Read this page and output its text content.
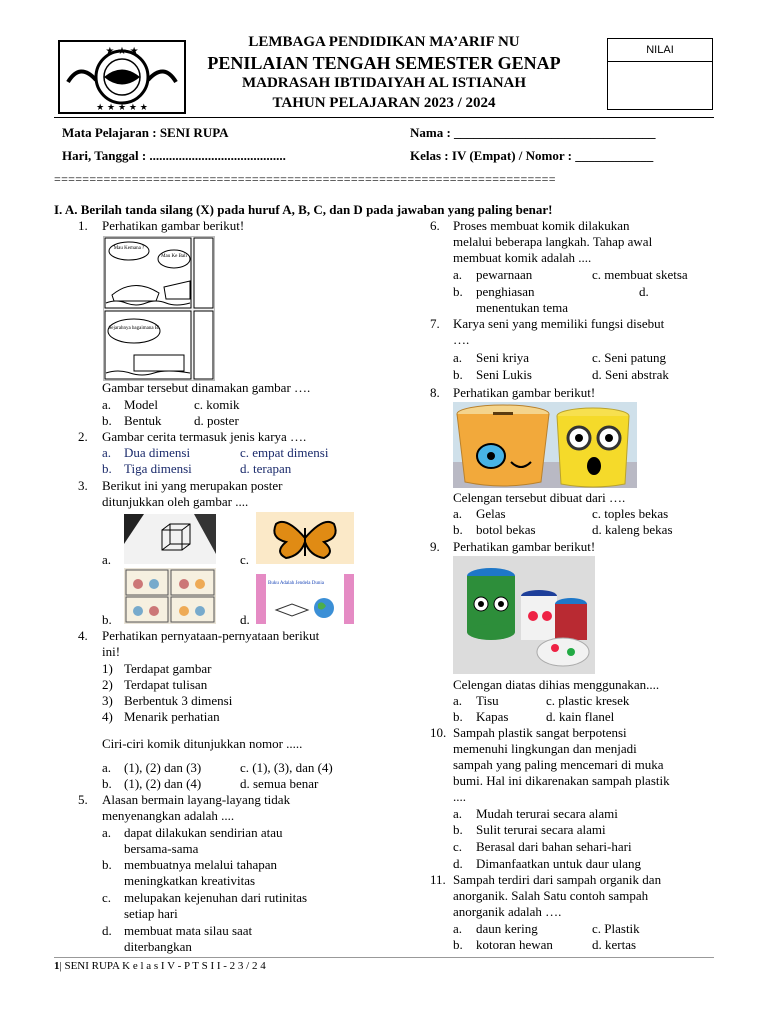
★ ★ ★
★ ★ ★ ★ ★
LEMBAGA PENDIDIKAN MA’ARIF NU
PENILAIAN TENGAH SEMESTER GENAP
MADRASAH IBTIDAIYAH AL ISTIANAH
TAHUN PELAJARAN 2023 / 2024
NILAI
Mata Pelajaran : SENI RUPA	Nama : _______________________________
Hari, Tanggal : ..........................................	Kelas : IV (Empat) / Nomor : ____________
=======================================================================
I. A. Berilah tanda silang (X) pada huruf A, B, C, dan D pada jawaban yang paling benar!
1. Perhatikan gambar berikut!
Mau Kemana ?
Mau Ke Bali
Sejarahnya bagaimana Bi
Gambar tersebut dinamakan gambar ….
a. Model	c. komik
b. Bentuk d. poster
2. Gambar cerita termasuk jenis karya ….
a. Dua dimensi	c. empat dimensi
b. Tiga dimensi	d. terapan
3. Berikut ini yang merupakan poster
ditunjukkan oleh gambar ....
a.	c.
b.	d.
Buku Adalah Jendela Dunia
4. Perhatikan pernyataan-pernyataan berikut
ini!
1) Terdapat gambar
2) Terdapat tulisan
3) Berbentuk 3 dimensi
4) Menarik perhatian
Ciri-ciri komik ditunjukkan nomor .....
a. (1), (2) dan (3)	c. (1), (3), dan (4)
b. (1), (2) dan (4)	d. semua benar
5. Alasan bermain layang-layang tidak
menyenangkan adalah ....
a. dapat dilakukan sendirian atau
bersama-sama
b. membuatnya melalui tahapan
meningkatkan kreativitas
c. melupakan kejenuhan dari rutinitas
setiap hari
d. membuat mata silau saat
diterbangkan
6. Proses membuat komik dilakukan
melalui beberapa langkah. Tahap awal
membuat komik adalah ....
a. pewarnaan	c. membuat sketsa
b. penghiasan	d.
menentukan tema
7. Karya seni yang memiliki fungsi disebut
….
a. Seni kriya	c. Seni patung
b. Seni Lukis	d. Seni abstrak
8. Perhatikan gambar berikut!
Celengan tersebut dibuat dari ….
a. Gelas	c. toples bekas
b. botol bekas	d. kaleng bekas
9. Perhatikan gambar berikut!
Celengan diatas dihias menggunakan....
a. Tisu	c. plastic kresek
b. Kapas	d. kain flanel
10. Sampah plastik sangat berpotensi
memenuhi lingkungan dan menjadi
sampah yang paling mencemari di muka
bumi. Hal ini dikarenakan sampah plastik
....
a. Mudah terurai secara alami
b. Sulit terurai secara alami
c. Berasal dari bahan sehari-hari
d. Dimanfaatkan untuk daur ulang
11. Sampah terdiri dari sampah organik dan
anorganik. Salah Satu contoh sampah
anorganik adalah ….
a. daun kering	c. Plastik
b. kotoran hewan	d. kertas
1| SENI RUPA K e l a s I V - P T S I I - 2 3 / 2 4
